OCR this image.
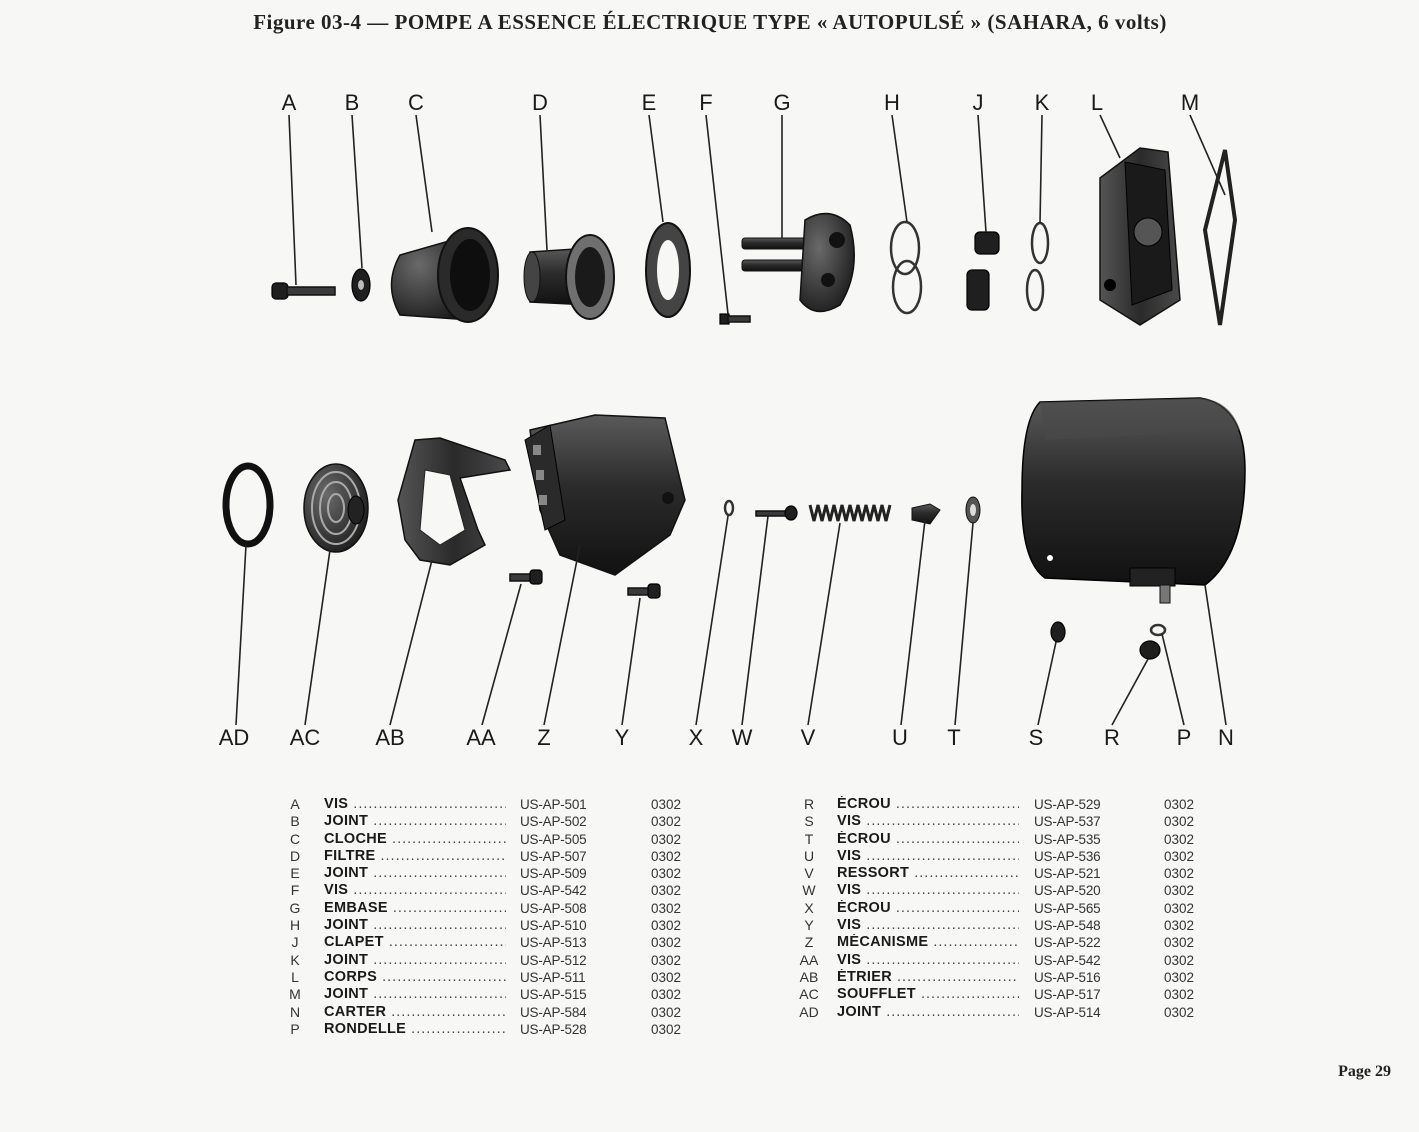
Figure 03-4 — POMPE A ESSENCE ÉLECTRIQUE TYPE « AUTOPULSÉ » (SAHARA, 6 volts)
A B C	D	E F	G	H	J K L	M
AD AC	AB	AA Z	Y	X W V	U T	S	R	P N
A	VIS .....	US-AP-501	0302
B	JOINT .....	US-AP-502	0302
C	CLOCHE .....	US-AP-505	0302
D	FILTRE .....	US-AP-507	0302
E	JOINT .....	US-AP-509	0302
F	VIS .....	US-AP-542	0302
G	EMBASE .....	US-AP-508	0302
H	JOINT .....	US-AP-510	0302
J	CLAPET .....	US-AP-513	0302
K	JOINT .....	US-AP-512	0302
L	CORPS .....	US-AP-511	0302
M	JOINT .....	US-AP-515	0302
N	CARTER .....	US-AP-584	0302
P	RONDELLE .....	US-AP-528	0302
R	ÉCROU .....	US-AP-529	0302
S	VIS .....	US-AP-537	0302
T	ÉCROU .....	US-AP-535	0302
U	VIS .....	US-AP-536	0302
V	RESSORT .....	US-AP-521	0302
W	VIS .....	US-AP-520	0302
X	ÉCROU .....	US-AP-565	0302
Y	VIS .....	US-AP-548	0302
Z	MÉCANISME .....	US-AP-522	0302
AA VIS .....	US-AP-542	0302
AB ÉTRIER .....	US-AP-516	0302
AC SOUFFLET .....	US-AP-517	0302
AD JOINT .....	US-AP-514	0302
Page 29
